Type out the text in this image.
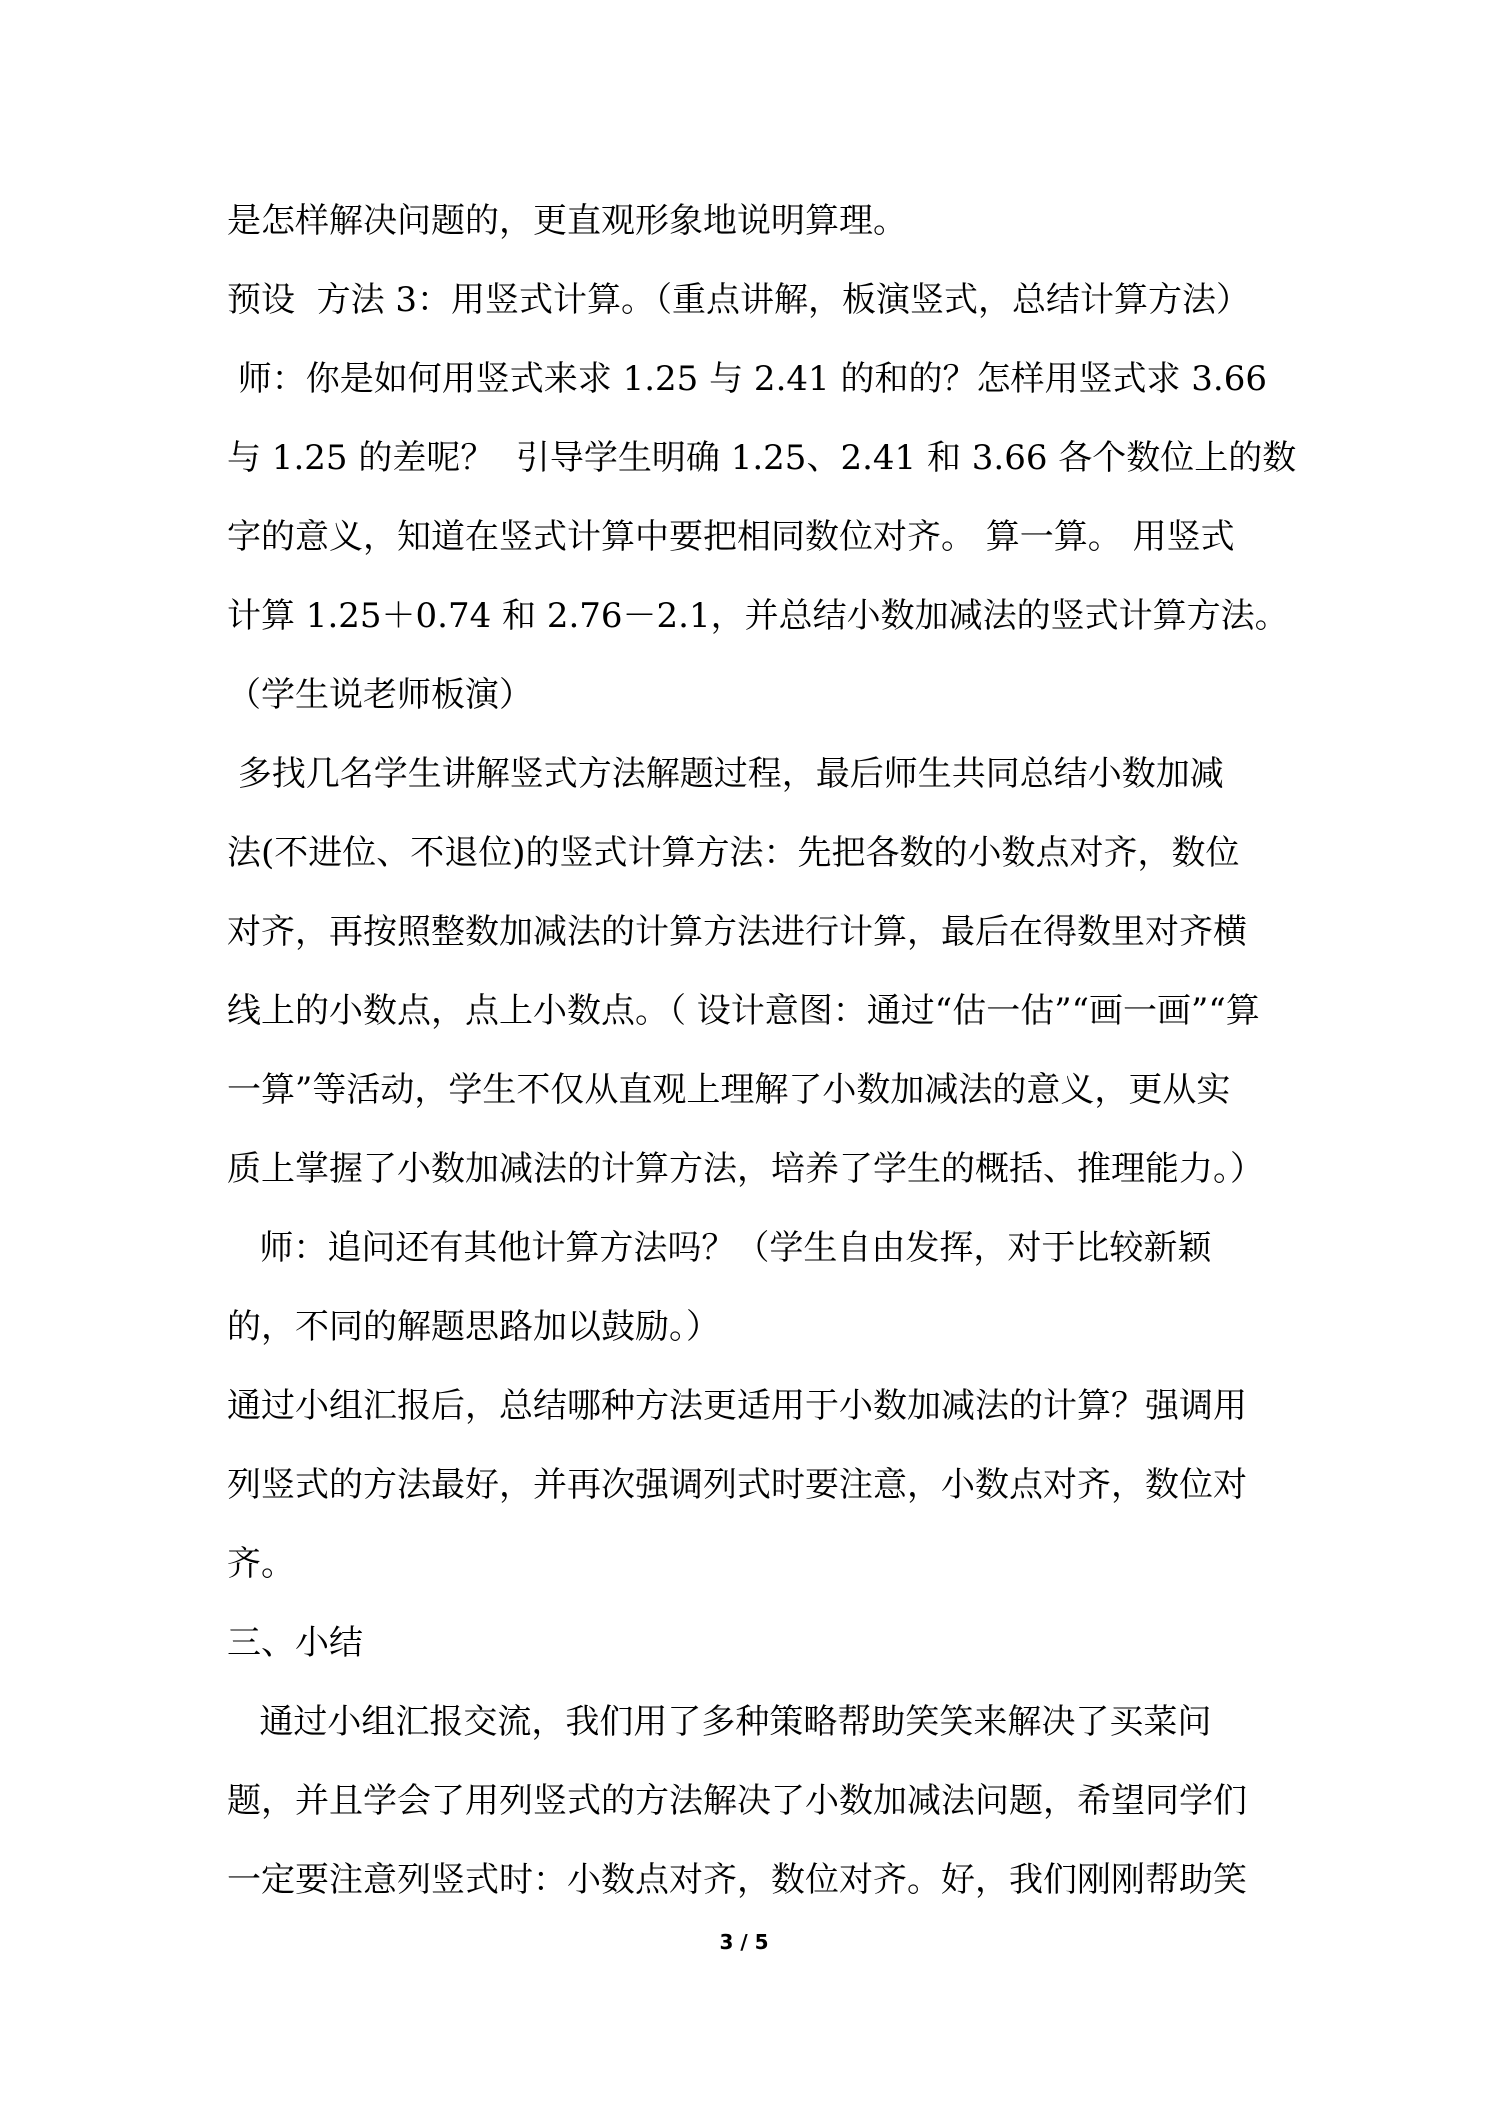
是怎样解决问题的，更直观形象地说明算理。
预设  方法 3：用竖式计算。（重点讲解，板演竖式，总结计算方法）
师：你是如何用竖式来求 1.25 与 2.41 的和的？怎样用竖式求 3.66
与 1.25 的差呢？  引导学生明确 1.25、2.41 和 3.66 各个数位上的数
字的意义，知道在竖式计算中要把相同数位对齐。 算一算。 用竖式
计算 1.25＋0.74 和 2.76－2.1，并总结小数加减法的竖式计算方法。
（学生说老师板演）
多找几名学生讲解竖式方法解题过程，最后师生共同总结小数加减
法(不进位、不退位)的竖式计算方法：先把各数的小数点对齐，数位
对齐，再按照整数加减法的计算方法进行计算，最后在得数里对齐横
线上的小数点，点上小数点。（ 设计意图：通过“估一估”“画一画”“算
一算”等活动，学生不仅从直观上理解了小数加减法的意义，更从实
质上掌握了小数加减法的计算方法，培养了学生的概括、推理能力。）
师：追问还有其他计算方法吗？（学生自由发挥，对于比较新颖
的，不同的解题思路加以鼓励。）
通过小组汇报后，总结哪种方法更适用于小数加减法的计算？强调用
列竖式的方法最好，并再次强调列式时要注意，小数点对齐，数位对
齐。
三、小结
通过小组汇报交流，我们用了多种策略帮助笑笑来解决了买菜问
题，并且学会了用列竖式的方法解决了小数加减法问题，希望同学们
一定要注意列竖式时：小数点对齐，数位对齐。好，我们刚刚帮助笑
3 / 5
